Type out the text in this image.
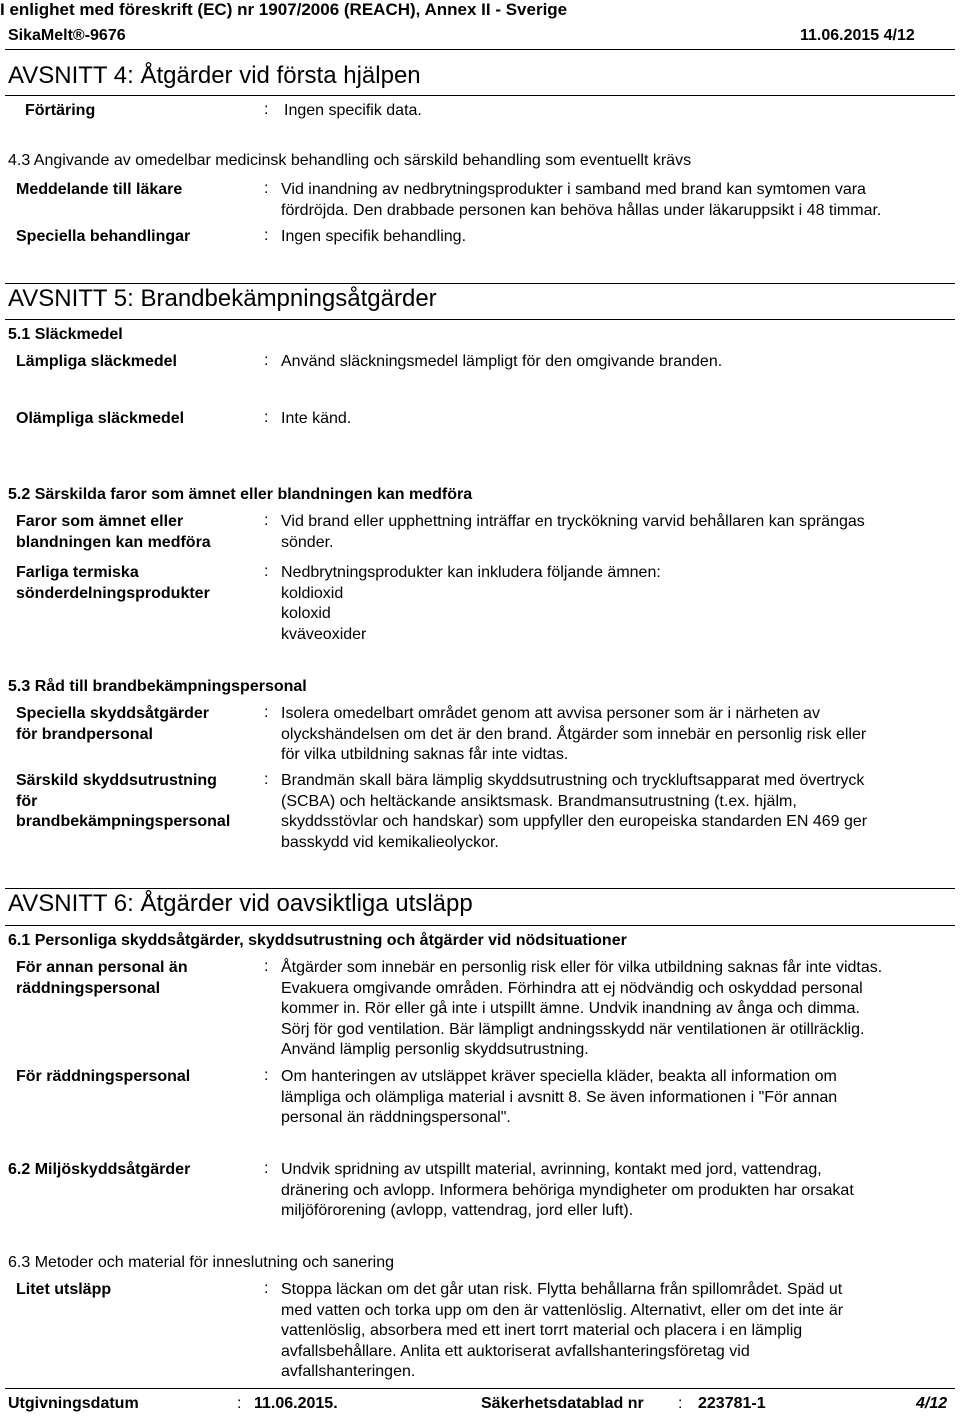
I enlighet med föreskrift (EC) nr 1907/2006 (REACH), Annex II - Sverige
SikaMelt®-9676	11.06.2015 4/12
AVSNITT 4: Åtgärder vid första hjälpen
Förtäring	: Ingen specifik data.
4.3 Angivande av omedelbar medicinsk behandling och särskild behandling som eventuellt krävs
Meddelande till läkare	: Vid inandning av nedbrytningsprodukter i samband med brand kan symtomen vara
fördröjda. Den drabbade personen kan behöva hållas under läkaruppsikt i 48 timmar.
Speciella behandlingar	: Ingen specifik behandling.
AVSNITT 5: Brandbekämpningsåtgärder
5.1 Släckmedel
Lämpliga släckmedel	: Använd släckningsmedel lämpligt för den omgivande branden.
Olämpliga släckmedel	: Inte känd.
5.2 Särskilda faror som ämnet eller blandningen kan medföra
Faror som ämnet eller
blandningen kan medföra
: Vid brand eller upphettning inträffar en tryckökning varvid behållaren kan sprängas
sönder.
Farliga termiska
sönderdelningsprodukter
: Nedbrytningsprodukter kan inkludera följande ämnen:
koldioxid
koloxid
kväveoxider
5.3 Råd till brandbekämpningspersonal
Speciella skyddsåtgärder
för brandpersonal
: Isolera omedelbart området genom att avvisa personer som är i närheten av
olyckshändelsen om det är den brand. Åtgärder som innebär en personlig risk eller
för vilka utbildning saknas får inte vidtas.
Särskild skyddsutrustning
för
brandbekämpningspersonal
: Brandmän skall bära lämplig skyddsutrustning och tryckluftsapparat med övertryck
(SCBA) och heltäckande ansiktsmask. Brandmansutrustning (t.ex. hjälm,
skyddsstövlar och handskar) som uppfyller den europeiska standarden EN 469 ger
basskydd vid kemikalieolyckor.
AVSNITT 6: Åtgärder vid oavsiktliga utsläpp
6.1 Personliga skyddsåtgärder, skyddsutrustning och åtgärder vid nödsituationer
För annan personal än
räddningspersonal
: Åtgärder som innebär en personlig risk eller för vilka utbildning saknas får inte vidtas.
Evakuera omgivande områden. Förhindra att ej nödvändig och oskyddad personal
kommer in. Rör eller gå inte i utspillt ämne. Undvik inandning av ånga och dimma.
Sörj för god ventilation. Bär lämpligt andningsskydd när ventilationen är otillräcklig.
Använd lämplig personlig skyddsutrustning.
För räddningspersonal	: Om hanteringen av utsläppet kräver speciella kläder, beakta all information om
lämpliga och olämpliga material i avsnitt 8. Se även informationen i "För annan
personal än räddningspersonal".
6.2 Miljöskyddsåtgärder	: Undvik spridning av utspillt material, avrinning, kontakt med jord, vattendrag,
dränering och avlopp. Informera behöriga myndigheter om produkten har orsakat
miljöförorening (avlopp, vattendrag, jord eller luft).
6.3 Metoder och material för inneslutning och sanering
Litet utsläpp	: Stoppa läckan om det går utan risk. Flytta behållarna från spillområdet. Späd ut
med vatten och torka upp om den är vattenlöslig. Alternativt, eller om det inte är
vattenlöslig, absorbera med ett inert torrt material och placera i en lämplig
avfallsbehållare. Anlita ett auktoriserat avfallshanteringsföretag vid
avfallshanteringen.
Utgivningsdatum	: 11.06.2015.	Säkerhetsdatablad nr : 223781-1	4/12
